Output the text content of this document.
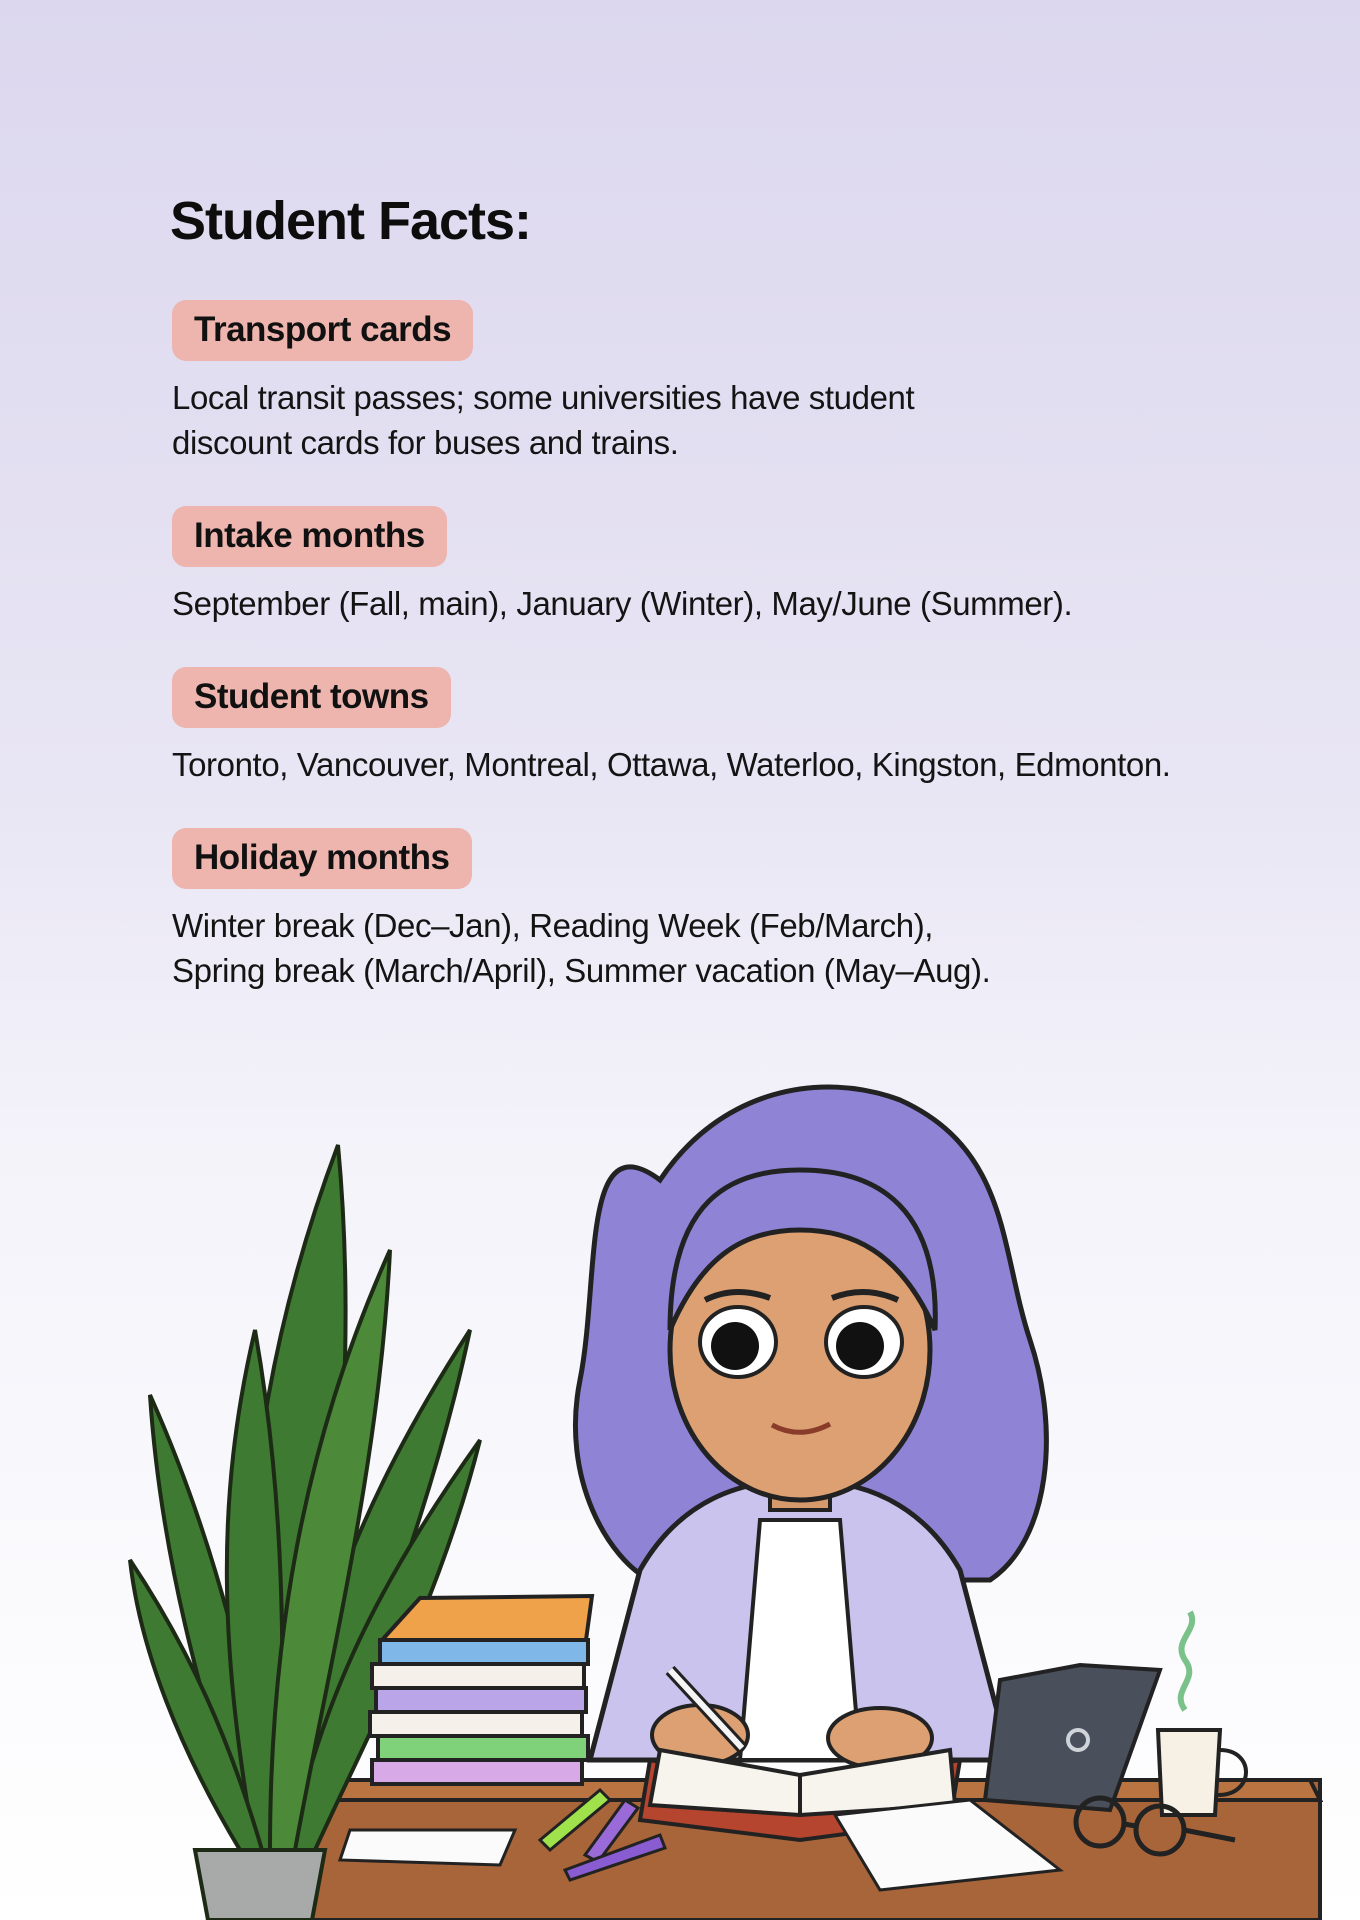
Student Facts:
Transport cards
Local transit passes; some universities have student
discount cards for buses and trains.
Intake months
September (Fall, main), January (Winter), May/June (Summer).
Student towns
Toronto, Vancouver, Montreal, Ottawa, Waterloo, Kingston, Edmonton.
Holiday months
Winter break (Dec–Jan), Reading Week (Feb/March),
Spring break (March/April), Summer vacation (May–Aug).
